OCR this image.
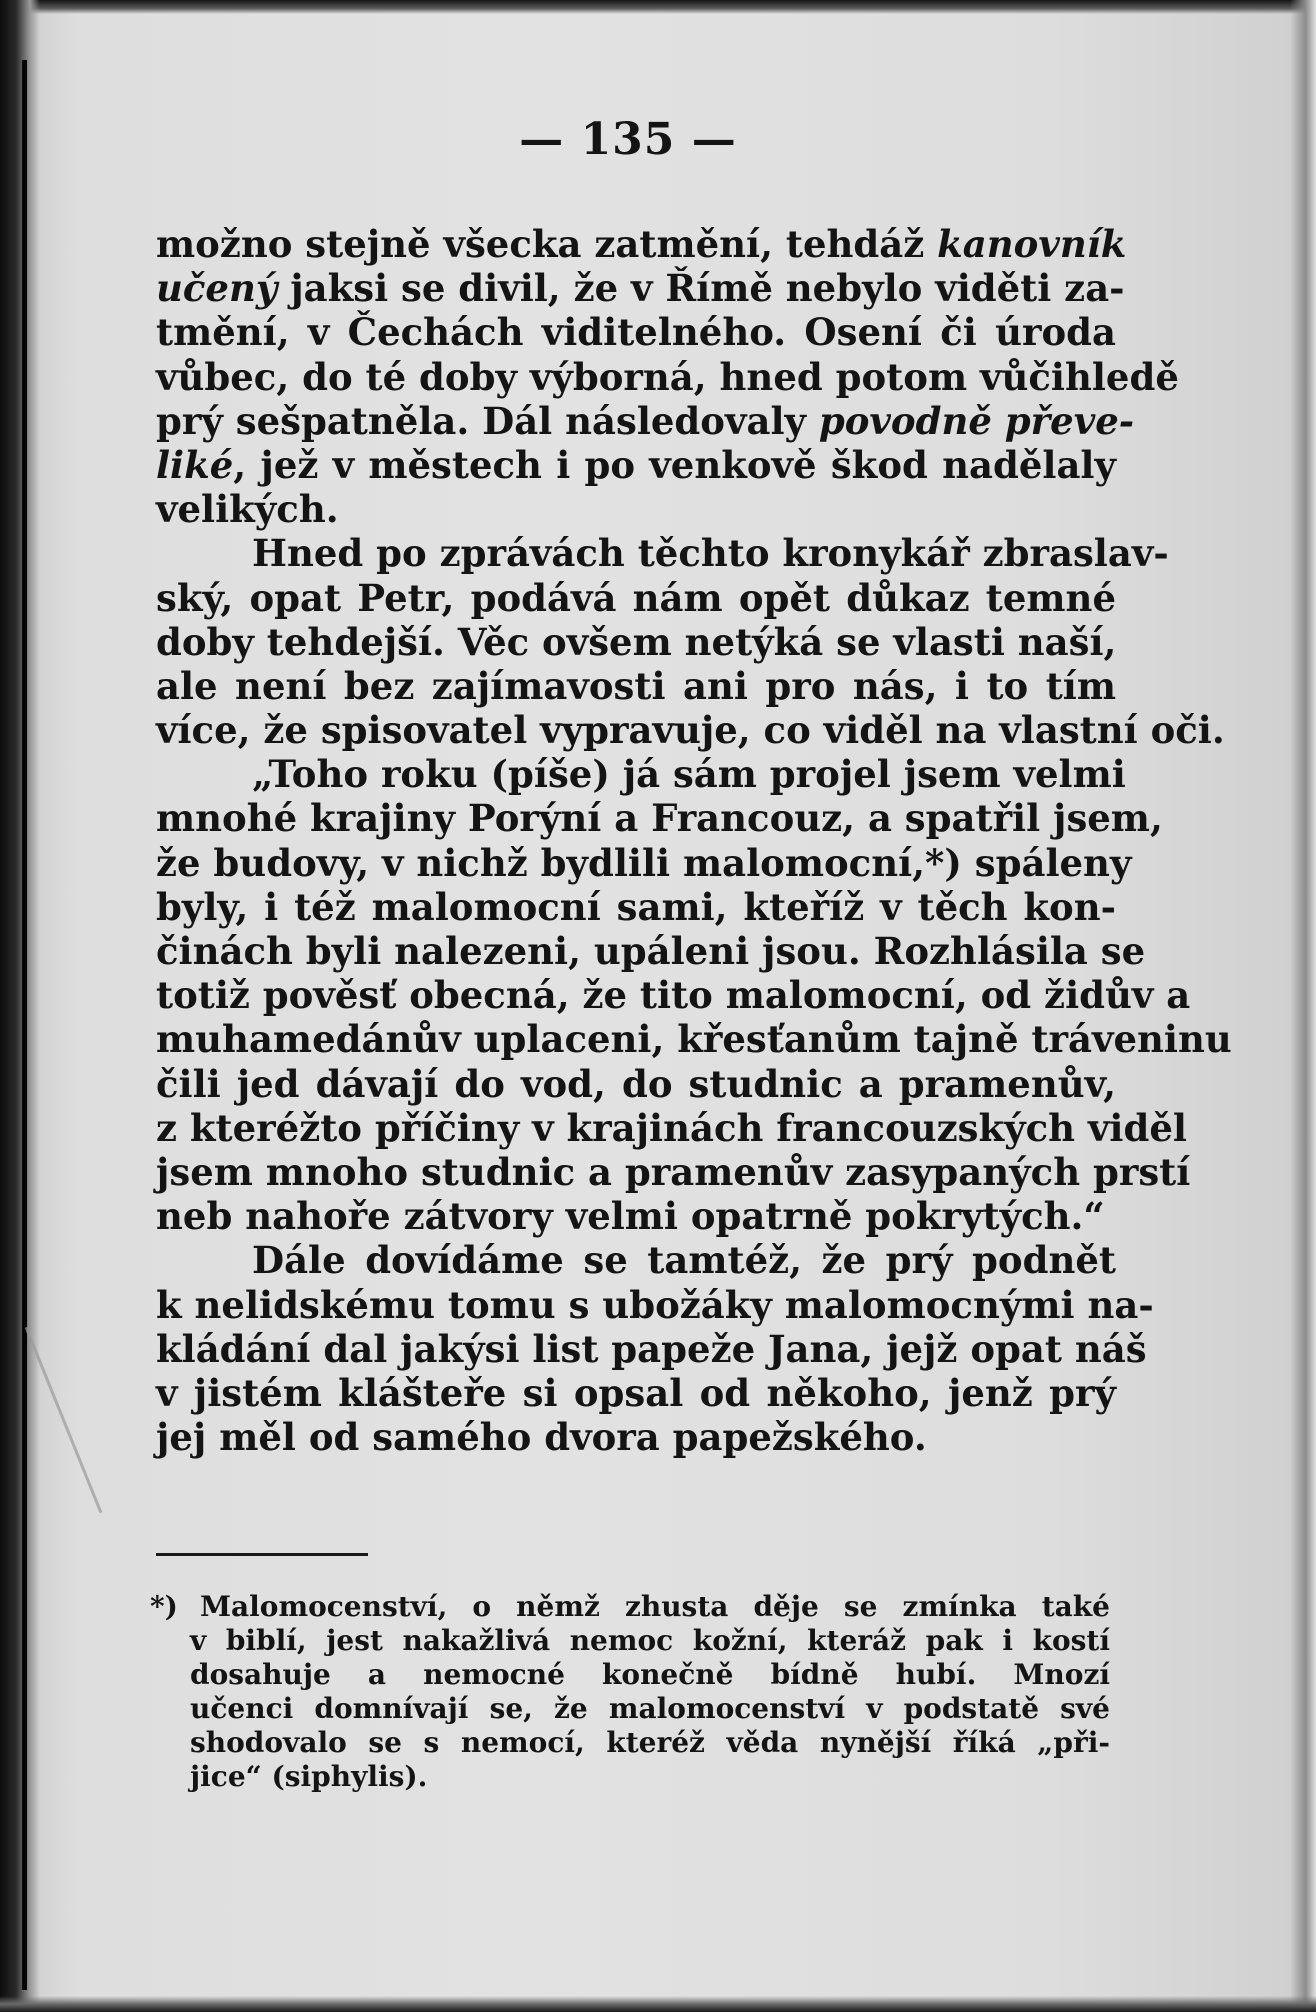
— 135 —
možno stejně všecka zatmění, tehdáž kanovník
učený jaksi se divil, že v Římě nebylo viděti za-
tmění, v Čechách viditelného. Osení či úroda
vůbec, do té doby výborná, hned potom vůčihledě
prý sešpatněla. Dál následovaly povodně převe-
liké, jež v městech i po venkově škod nadělaly
velikých.
Hned po zprávách těchto kronykář zbraslav-
ský, opat Petr, podává nám opět důkaz temné
doby tehdejší. Věc ovšem netýká se vlasti naší,
ale není bez zajímavosti ani pro nás, i to tím
více, že spisovatel vypravuje, co viděl na vlastní oči.
„Toho roku (píše) já sám projel jsem velmi
mnohé krajiny Porýní a Francouz, a spatřil jsem,
že budovy, v nichž bydlili malomocní,*) spáleny
byly, i též malomocní sami, kteříž v těch kon-
činách byli nalezeni, upáleni jsou. Rozhlásila se
totiž pověsť obecná, že tito malomocní, od židův a
muhamedánův uplaceni, křesťanům tajně tráveninu
čili jed dávají do vod, do studnic a pramenův,
z kteréžto příčiny v krajinách francouzských viděl
jsem mnoho studnic a pramenův zasypaných prstí
neb nahoře zátvory velmi opatrně pokrytých.“
Dále dovídáme se tamtéž, že prý podnět
k nelidskému tomu s ubožáky malomocnými na-
kládání dal jakýsi list papeže Jana, jejž opat náš
v jistém klášteře si opsal od někoho, jenž prý
jej měl od samého dvora papežského.
*) Malomocenství, o němž zhusta děje se zmínka také
v biblí, jest nakažlivá nemoc kožní, kteráž pak i kostí
dosahuje a nemocné konečně bídně hubí. Mnozí
učenci domnívají se, že malomocenství v podstatě své
shodovalo se s nemocí, kteréž věda nynější říká „při-
jice“ (siphylis).
